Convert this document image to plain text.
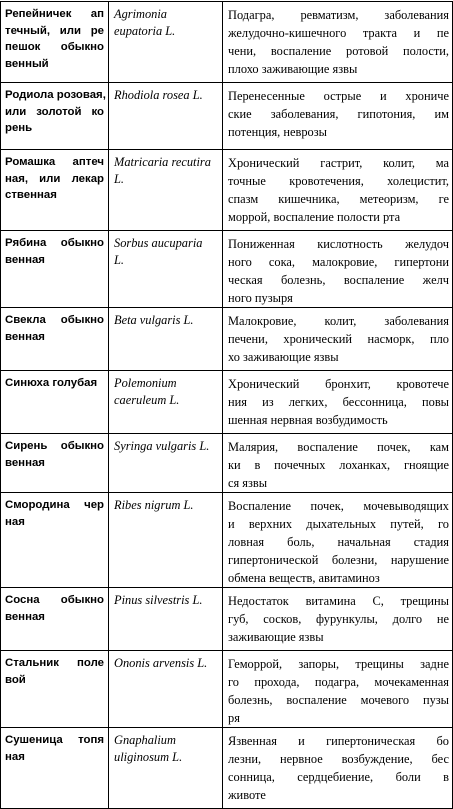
Репейничек ап
течный, или ре
пешок обыкно
венный	Agrimonia
eupatoria L.	Подагра, ревматизм, заболевания
желудочно-кишечного тракта и пе
чени, воспаление ротовой полости,
плохо заживающие язвы

Родиола розовая,
или золотой ко
рень	Rhodiola rosea L.	Перенесенные острые и хрониче
ские заболевания, гипотония, им
потенция, неврозы

Ромашка аптеч
ная, или лекар
ственная	Matricaria recutira
L.	Хронический гастрит, колит, ма
точные кровотечения, холецистит,
спазм кишечника, метеоризм, ге
моррой, воспаление полости рта

Рябина обыкно
венная	Sorbus aucuparia
L.	Пониженная кислотность желудоч
ного сока, малокровие, гипертони
ческая болезнь, воспаление желч
ного пузыря

Свекла обыкно
венная	Beta vulgaris L.	Малокровие, колит, заболевания
печени, хронический насморк, пло
хо заживающие язвы

Синюха голубая	Polemonium
caeruleum L.	Хронический бронхит, кровотече
ния из легких, бессонница, повы
шенная нервная возбудимость

Сирень обыкно
венная	Syringa vulgaris L.	Малярия, воспаление почек, кам
ки в почечных лоханках, гноящие
ся язвы

Смородина чер
ная	Ribes nigrum L.	Воспаление почек, мочевыводящих
и верхних дыхательных путей, го
ловная боль, начальная стадия
гипертонической болезни, нарушение
обмена веществ, авитаминоз

Сосна обыкно
венная	Pinus silvestris L.	Недостаток витамина С, трещины
губ, сосков, фурункулы, долго не
заживающие язвы

Стальник поле
вой	Ononis arvensis L.	Геморрой, запоры, трещины задне
го прохода, подагра, мочекаменная
болезнь, воспаление мочевого пузы
ря

Сушеница топя
ная	Gnaphalium
uliginosum L.	Язвенная и гипертоническая бо
лезни, нервное возбуждение, бес
сонница, сердцебиение, боли в
животе
